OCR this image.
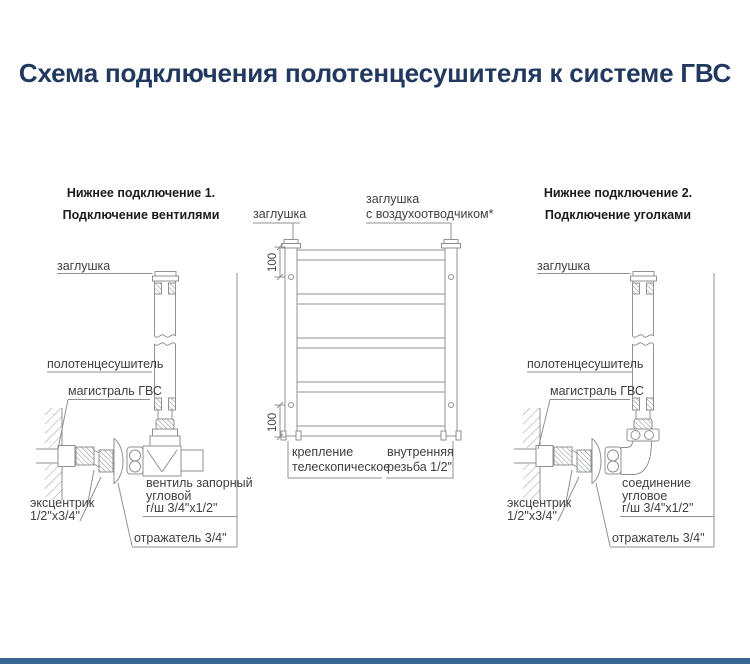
100
100
Схема подключения полотенцесушителя к системе ГВС
Нижнее подключение 1.
Подключение вентилями
Нижнее подключение 2.
Подключение уголками
заглушка
полотенцесушитель
магистраль ГВС
эксцентрик
1/2"x3/4"
вентиль запорный
угловой
г/ш 3/4"x1/2"
отражатель 3/4"
заглушка
заглушка
с воздухоотводчиком*
крепление
телескопическое
внутренняя
резьба 1/2"
заглушка
полотенцесушитель
магистраль ГВС
эксцентрик
1/2"x3/4"
соединение
угловое
г/ш 3/4"x1/2"
отражатель 3/4"
